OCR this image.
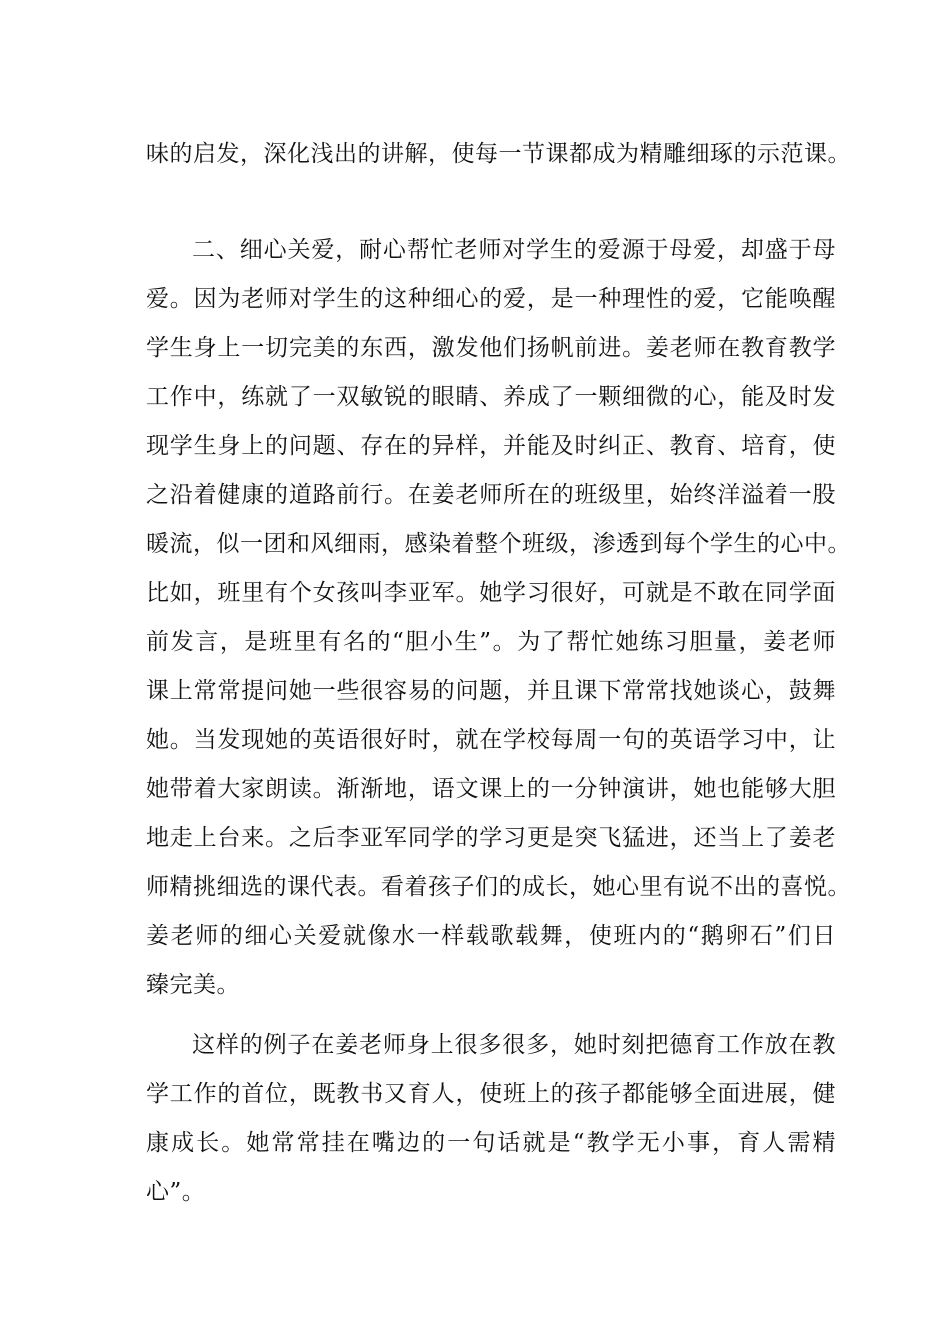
味的启发，深化浅出的讲解，使每一节课都成为精雕细琢的示范课。
二、细心关爱，耐心帮忙老师对学生的爱源于母爱，却盛于母
爱。因为老师对学生的这种细心的爱，是一种理性的爱，它能唤醒
学生身上一切完美的东西，激发他们扬帆前进。姜老师在教育教学
工作中，练就了一双敏锐的眼睛、养成了一颗细微的心，能及时发
现学生身上的问题、存在的异样，并能及时纠正、教育、培育，使
之沿着健康的道路前行。在姜老师所在的班级里，始终洋溢着一股
暖流，似一团和风细雨，感染着整个班级，渗透到每个学生的心中。
比如，班里有个女孩叫李亚军。她学习很好，可就是不敢在同学面
前发言，是班里有名的“胆小生”。为了帮忙她练习胆量，姜老师
课上常常提问她一些很容易的问题，并且课下常常找她谈心，鼓舞
她。当发现她的英语很好时，就在学校每周一句的英语学习中，让
她带着大家朗读。渐渐地，语文课上的一分钟演讲，她也能够大胆
地走上台来。之后李亚军同学的学习更是突飞猛进，还当上了姜老
师精挑细选的课代表。看着孩子们的成长，她心里有说不出的喜悦。
姜老师的细心关爱就像水一样载歌载舞，使班内的“鹅卵石”们日
臻完美。
这样的例子在姜老师身上很多很多，她时刻把德育工作放在教
学工作的首位，既教书又育人，使班上的孩子都能够全面进展，健
康成长。她常常挂在嘴边的一句话就是“教学无小事，育人需精
心”。
